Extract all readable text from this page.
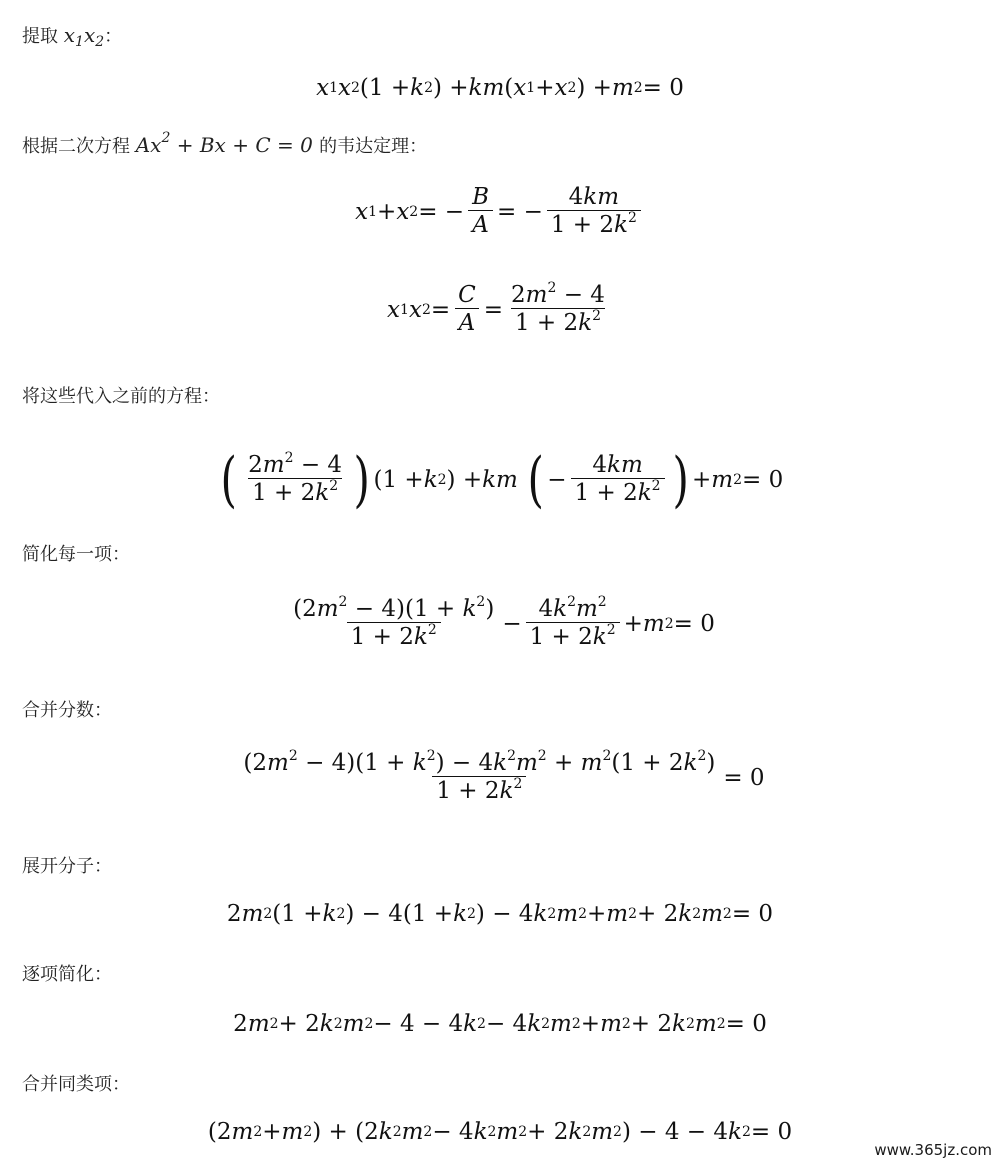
提取 $x_1x_2$：
x 1 x 2 (1 + k 2 ) + km ( x 1 + x 2 ) + m 2 = 0
根据二次方程 $Ax^2 + Bx + C = 0$ 的韦达定理：
x 1 + x 2 = − $\frac{B}{A}$ = − $\frac{4km}{1 + 2k^2}$
x 1 x $2 = \frac{C}{A} = \frac{2m^2 - 4}{1 + 2k^2}$
将这些代入之前的方程：
( $\frac{2m^2 - 4}{1 + 2k^2}$ ) (1 + k 2 ) + km ( − $\frac{4km}{1 + 2k^2}$ ) + m 2 = 0
简化每一项：
$\frac{(2m^2 - 4)(1 + k^2)}{1 + 2k^2} - \frac{4k^2m^2}{1 + 2k^2} + m$ 2 = 0
合并分数：
$\frac{(2m^2 - 4)(1 + k^2) - 4k^2m^2 + m^2(1 + 2k^2)}{1 + 2k^2} = 0$
展开分子：
2 m 2 (1 + k 2 ) − 4(1 + k 2 ) − 4 k 2 m 2 + m 2 + 2 k 2 m 2 = 0
逐项简化：
2 m 2 + 2 k 2 m 2 − 4 − 4 k 2 − 4 k 2 m 2 + m 2 + 2 k 2 m 2 = 0
合并同类项：
(2 m 2 + m 2 ) + (2 k 2 m 2 − 4 k 2 m 2 + 2 k 2 m 2 ) − 4 − 4 k 2 = 0
www.365jz.com
